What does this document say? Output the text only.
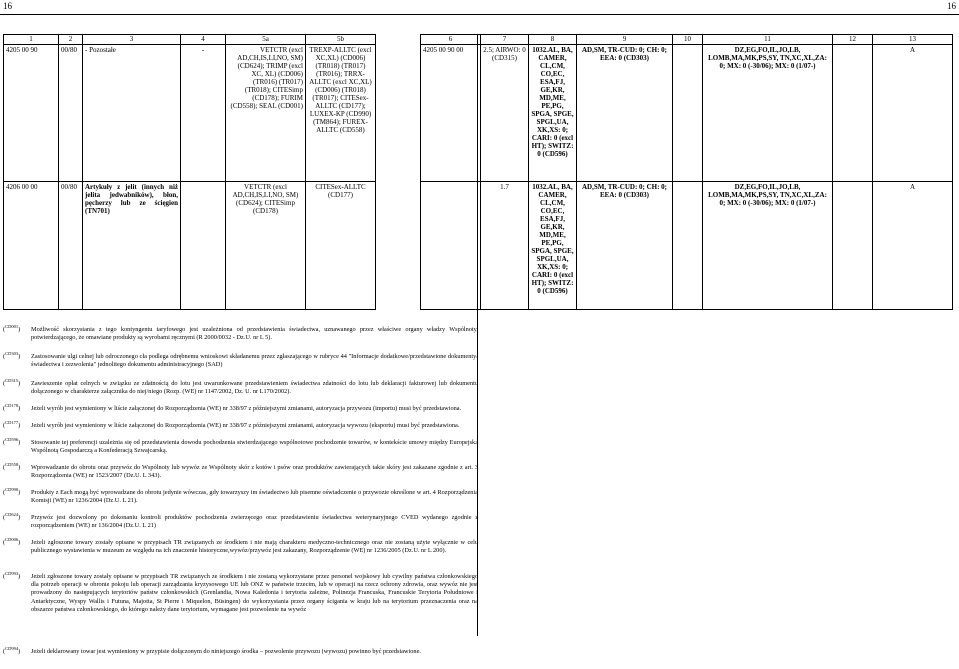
16	16
1	2	3	4	5a	5b
4205 00 90	00/80	- Pozostałe	-	VETCTR (excl AD,CH,IS,LI,NO, SM) (CD624); TRIMP (excl XC, XL) (CD006) (TR016) (TR017) (TR018); CITESimp (CD178); FURIM (CD558); SEAL (CD001)	TREXP-ALLTC (excl XC,XL) (CD006) (TR018) (TR017) (TR016); TRRX-ALLTC (excl XC,XL) (CD006) (TR018) (TR017); CITESex-ALLTC (CD177); LUXEX-KP (CD990) (TM864); FUREX-ALLTC (CD558)
4206 00 00	00/80	Artykuły z jelit (innych niż jelita jedwabników), błon, pęcherzy lub ze ścięgien (TN701)		VETCTR (excl AD,CH,IS,LI,NO, SM) (CD624); CITESimp (CD178)	CITESex-ALLTC (CD177)
6	7	8	9	10	11	12	13
4205 00 90 00	2.5; AIRWO: 0 (CD315)	1032.AL, BA, CAMER, CL,CM, CO,EC, ESA,FJ, GE,KR, MD,ME, PE,PG, SPGA, SPGE, SPGL,UA, XK,XS: 0; CARI: 0 (excl HT); SWITZ: 0 (CD596)	AD,SM, TR-CUD: 0; CH: 0; EEA: 0 (CD303)		DZ,EG,FO,IL,JO,LB, LOMB,MA,MK,PS,SY, TN,XC,XL,ZA: 0; MX: 0 (-30/06); MX: 0 (1/07-)		A
	1.7	1032.AL, BA, CAMER, CL,CM, CO,EC, ESA,FJ, GE,KR, MD,ME, PE,PG, SPGA, SPGE, SPGL,UA, XK,XS: 0; CARI: 0 (excl HT); SWITZ: 0 (CD596)	AD,SM, TR-CUD: 0; CH: 0; EEA: 0 (CD303)		DZ,EG,FO,IL,JO,LB, LOMB,MA,MK,PS,SY, TN,XC,XL,ZA: 0; MX: 0 (-30/06); MX: 0 (1/07-)		A
($^{CD001}$)	Możliwość skorzystania z tego kontyngentu taryfowego jest uzależniona od przedstawienia świadectwa, uznawanego przez właściwe organy władzy Wspólnoty, potwierdzającego, że omawiane produkty są wyrobami ręcznymi (R 2000/0032 - Dz.U. nr L 5).
($^{CD303}$)	Zastosowanie ulgi celnej lub odroczonego cła podlega odrębnemu wnioskowi składanemu przez zgłaszającego w rubryce 44 "Informacje dodatkowe/przedstawione dokumenty/świadectwa i zezwolenia" jednolitego dokumentu administracyjnego (SAD)
($^{CD315}$)	Zawieszenie opłat celnych w związku ze zdatnością do lotu jest uwarunkowane przedstawieniem świadectwa zdatności do lotu lub deklaracji fakturowej lub dokumentu dołączonego w charakterze załącznika do niej/niego (Rozp. (WE) nr 1147/2002, Dz. U. nr L170/2002).
($^{CD178}$)	Jeżeli wyrób jest wymieniony w liście załączonej do Rozporządzenia (WE) nr 338/97 z późniejszymi zmianami, autoryzacja przywozu (importu) musi być przedstawiona.
($^{CD177}$)	Jeżeli wyrób jest wymieniony w liście załączonej do Rozporządzenia (WE) nr 338/97 z późniejszymi zmianami, autoryzacja wywozu (eksportu) musi być przedstawiona.
($^{CD596}$)	Stosowanie tej preferencji uzależnia się od przedstawienia dowodu pochodzenia stwierdzającego wspólnotowe pochodzenie towarów, w kontekście umowy między Europejską Wspólnotą Gospodarczą a Konfederacją Szwajcarską.
($^{CD558}$)	Wprowadzanie do obrotu oraz przywóz do Wspólnoty lub wywóz ze Wspólnoty skór z kotów i psów oraz produktów zawierających takie skóry jest zakazane zgodnie z art. 3 Rozporządzenia (WE) nr 1523/2007 (Dz.U. L 343).
($^{CD990}$)	Produkty z Each mogą być wprowadzane do obrotu jedynie wówczas, gdy towarzyszy im świadectwo lub pisemne oświadczenie o przywozie określone w art. 4 Rozporządzenia Komisji (WE) nr 1236/2004 (Dz.U. L 21).
($^{CD624}$)	Przywóz jest dozwolony po dokonaniu kontroli produktów pochodzenia zwierzęcego oraz przedstawieniu świadectwa weterynaryjnego CVED wydanego zgodnie z rozporządzeniem (WE) nr 136/2004 (Dz.U. L 21)
($^{CD006}$)	Jeżeli zgłoszone towary zostały opisane w przypisach TR związanych ze środkiem i nie mają charakteru medyczno-technicznego oraz nie zostaną użyte wyłącznie w celu publicznego wystawienia w muzeum ze względu na ich znaczenie historyczne,wywóz/przywóz jest zakazany, Rozporządzenie (WE) nr 1236/2005 (Dz.U. nr L 200).
($^{CD993}$)	Jeżeli zgłoszone towary zostały opisane w przypisach TR związanych ze środkiem i nie zostaną wykorzystane przez personel wojskowy lub cywilny państwa członkowskiego dla potrzeb operacji w obronie pokoju lub operacji zarządzania kryzysowego UE lub ONZ w państwie trzecim, lub w operacji na rzecz ochrony zdrowia, oraz wywóz nie jest prowadzony do następujących terytoriów państw członkowskich (Grenlandia, Nowa Kaledonia i terytoria zależne, Polinezja Francuska, Francuskie Terytoria Południowe i Antarktyczne, Wyspy Wallis i Futuna, Majotta, St Pierre i Miquelon, Büsingen) do wykorzystania przez organy ścigania w kraju lub na terytorium przeznaczenia oraz na obszarze państwa członkowskiego, do którego należy dane terytorium, wymagane jest pozwolenie na wywóz
($^{CD994}$)	Jeżeli deklarowany towar jest wymieniony w przypisie dołączonym do niniejszego środka – pozwolenie przywozu (wywozu) powinno być przedstawione.
